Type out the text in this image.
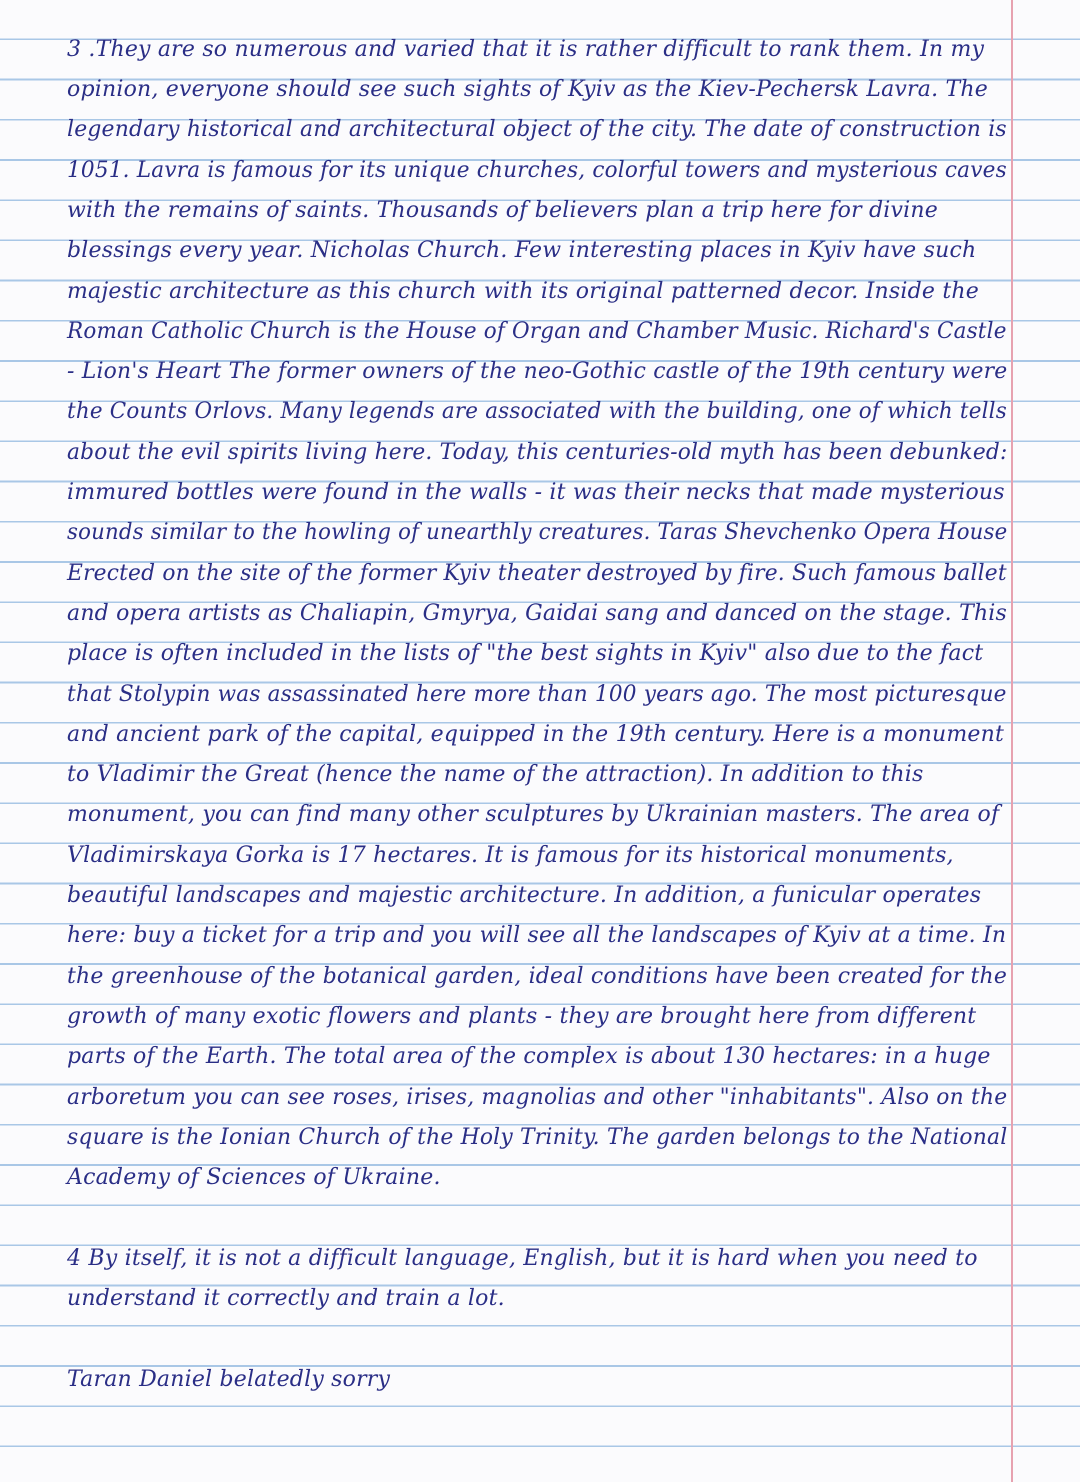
3 .They are so numerous and varied that it is rather difficult to rank them. In my
opinion, everyone should see such sights of Kyiv as the Kiev-Pechersk Lavra. The
legendary historical and architectural object of the city. The date of construction is
1051. Lavra is famous for its unique churches, colorful towers and mysterious caves
with the remains of saints. Thousands of believers plan a trip here for divine
blessings every year. Nicholas Church. Few interesting places in Kyiv have such
majestic architecture as this church with its original patterned decor. Inside the
Roman Catholic Church is the House of Organ and Chamber Music. Richard's Castle
- Lion's Heart The former owners of the neo-Gothic castle of the 19th century were
the Counts Orlovs. Many legends are associated with the building, one of which tells
about the evil spirits living here. Today, this centuries-old myth has been debunked:
immured bottles were found in the walls - it was their necks that made mysterious
sounds similar to the howling of unearthly creatures. Taras Shevchenko Opera House
Erected on the site of the former Kyiv theater destroyed by fire. Such famous ballet
and opera artists as Chaliapin, Gmyrya, Gaidai sang and danced on the stage. This
place is often included in the lists of "the best sights in Kyiv" also due to the fact
that Stolypin was assassinated here more than 100 years ago. The most picturesque
and ancient park of the capital, equipped in the 19th century. Here is a monument
to Vladimir the Great (hence the name of the attraction). In addition to this
monument, you can find many other sculptures by Ukrainian masters. The area of
Vladimirskaya Gorka is 17 hectares. It is famous for its historical monuments,
beautiful landscapes and majestic architecture. In addition, a funicular operates
here: buy a ticket for a trip and you will see all the landscapes of Kyiv at a time. In
the greenhouse of the botanical garden, ideal conditions have been created for the
growth of many exotic flowers and plants - they are brought here from different
parts of the Earth. The total area of the complex is about 130 hectares: in a huge
arboretum you can see roses, irises, magnolias and other "inhabitants". Also on the
square is the Ionian Church of the Holy Trinity. The garden belongs to the National
Academy of Sciences of Ukraine.
4 By itself, it is not a difficult language, English, but it is hard when you need to
understand it correctly and train a lot.
Taran Daniel belatedly sorry
